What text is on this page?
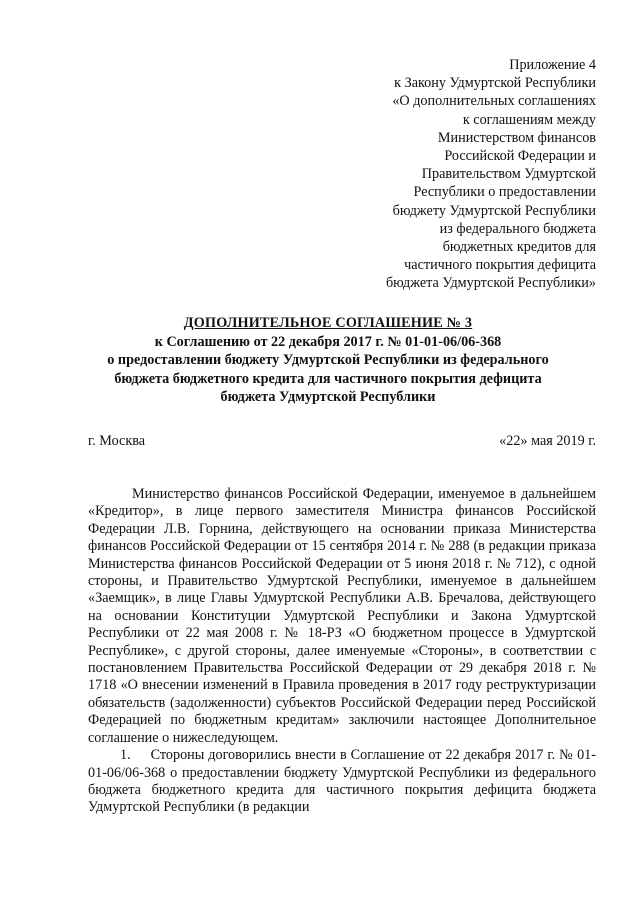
Приложение 4
к Закону Удмуртской Республики
«О дополнительных соглашениях
к соглашениям между
Министерством финансов
Российской Федерации и
Правительством Удмуртской
Республики о предоставлении
бюджету Удмуртской Республики
из федерального бюджета
бюджетных кредитов для
частичного покрытия дефицита
бюджета Удмуртской Республики»
ДОПОЛНИТЕЛЬНОЕ СОГЛАШЕНИЕ № 3
к Соглашению от 22 декабря 2017 г. № 01-01-06/06-368
о предоставлении бюджету Удмуртской Республики из федерального
бюджета бюджетного кредита для частичного покрытия дефицита
бюджета Удмуртской Республики
г. Москва	«22» мая 2019 г.

Министерство финансов Российской Федерации, именуемое в дальнейшем «Кредитор», в лице первого заместителя Министра финансов Российской Федерации Л.В. Горнина, действующего на основании приказа Министерства финансов Российской Федерации от 15 сентября 2014 г. № 288 (в редакции приказа Министерства финансов Российской Федерации от 5 июня 2018 г. № 712), с одной стороны, и Правительство Удмуртской Республики, именуемое в дальнейшем «Заемщик», в лице Главы Удмуртской Республики А.В. Бречалова, действующего на основании Конституции Удмуртской Республики и Закона Удмуртской Республики от 22 мая 2008 г. № 18-РЗ «О бюджетном процессе в Удмуртской Республике», с другой стороны, далее именуемые «Стороны», в соответствии с постановлением Правительства Российской Федерации от 29 декабря 2018 г. № 1718 «О внесении изменений в Правила проведения в 2017 году реструктуризации обязательств (задолженности) субъектов Российской Федерации перед Российской Федерацией по бюджетным кредитам» заключили настоящее Дополнительное соглашение о нижеследующем.

1.     Стороны договорились внести в Соглашение от 22 декабря 2017 г. № 01-01-06/06-368 о предоставлении бюджету Удмуртской Республики из федерального бюджета бюджетного кредита для частичного покрытия дефицита бюджета Удмуртской Республики (в редакции
